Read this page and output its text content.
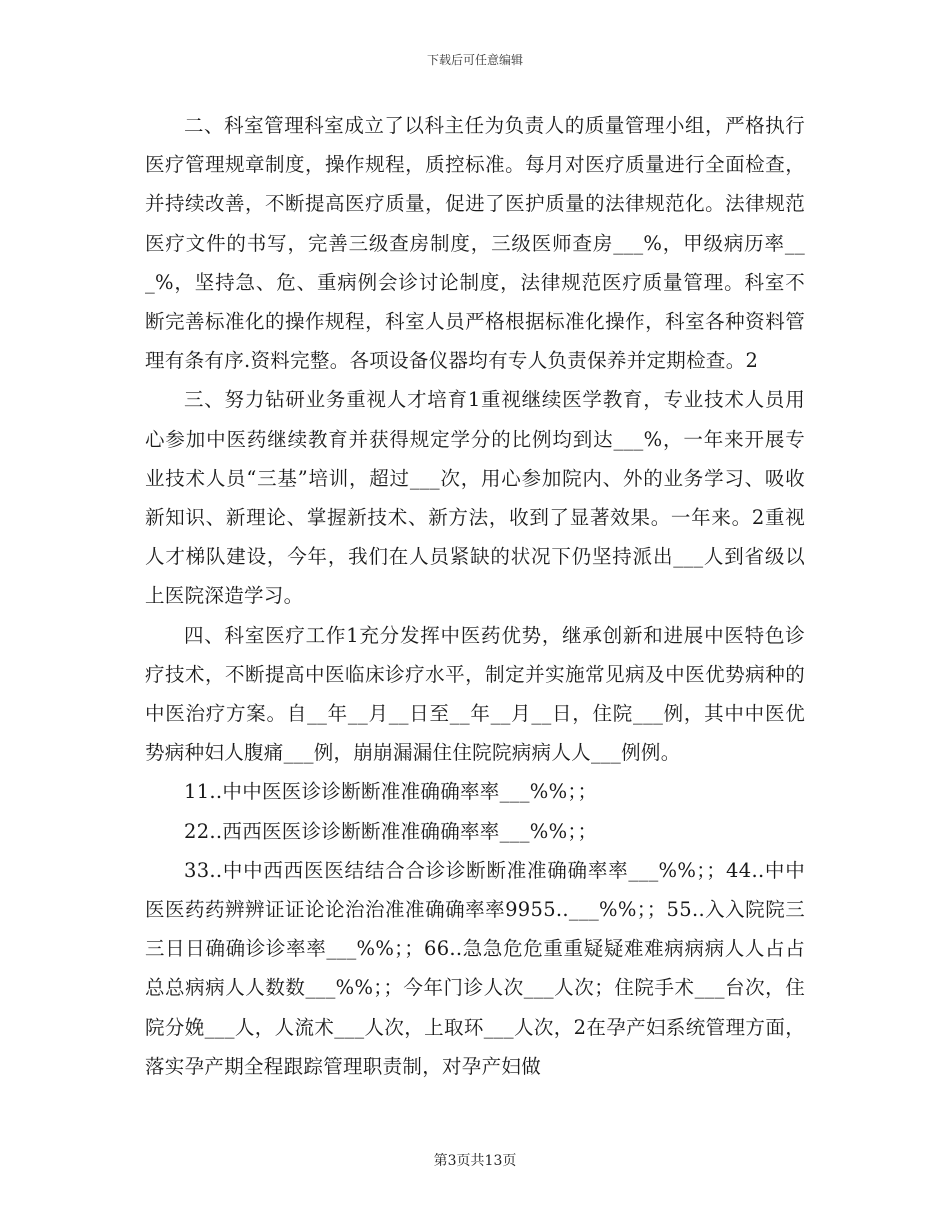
下载后可任意编辑

二、科室管理科室成立了以科主任为负责人的质量管理小组，严格执行医疗管理规章制度，操作规程，质控标准。每月对医疗质量进行全面检查，并持续改善，不断提高医疗质量，促进了医护质量的法律规范化。法律规范医疗文件的书写，完善三级查房制度，三级医师查房___%，甲级病历率___%，坚持急、危、重病例会诊讨论制度，法律规范医疗质量管理。科室不断完善标准化的操作规程，科室人员严格根据标准化操作，科室各种资料管理有条有序.资料完整。各项设备仪器均有专人负责保养并定期检查。2

三、努力钻研业务重视人才培育1重视继续医学教育，专业技术人员用心参加中医药继续教育并获得规定学分的比例均到达___%，一年来开展专业技术人员“三基”培训，超过___次，用心参加院内、外的业务学习、吸收新知识、新理论、掌握新技术、新方法，收到了显著效果。一年来。2重视人才梯队建设，今年，我们在人员紧缺的状况下仍坚持派出___人到省级以上医院深造学习。

四、科室医疗工作1充分发挥中医药优势，继承创新和进展中医特色诊疗技术，不断提高中医临床诊疗水平，制定并实施常见病及中医优势病种的中医治疗方案。自__年__月__日至__年__月__日，住院___例，其中中医优势病种妇人腹痛___例，崩崩漏漏住住院院病病人人___例例。

11..中中医医诊诊断断准准确确率率___%%；；

22..西西医医诊诊断断准准确确率率___%%；；

33..中中西西医医结结合合诊诊断断准准确确率率___%%；；44..中中医医药药辨辨证证论论治治准准确确率率9955..___%%；；55..入入院院三三日日确确诊诊率率___%%；；66..急急危危重重疑疑难难病病病人人占占总总病病人人数数___%%；；今年门诊人次___人次；住院手术___台次，住院分娩___人，人流术___人次，上取环___人次，2在孕产妇系统管理方面，落实孕产期全程跟踪管理职责制，对孕产妇做

第3页共13页
